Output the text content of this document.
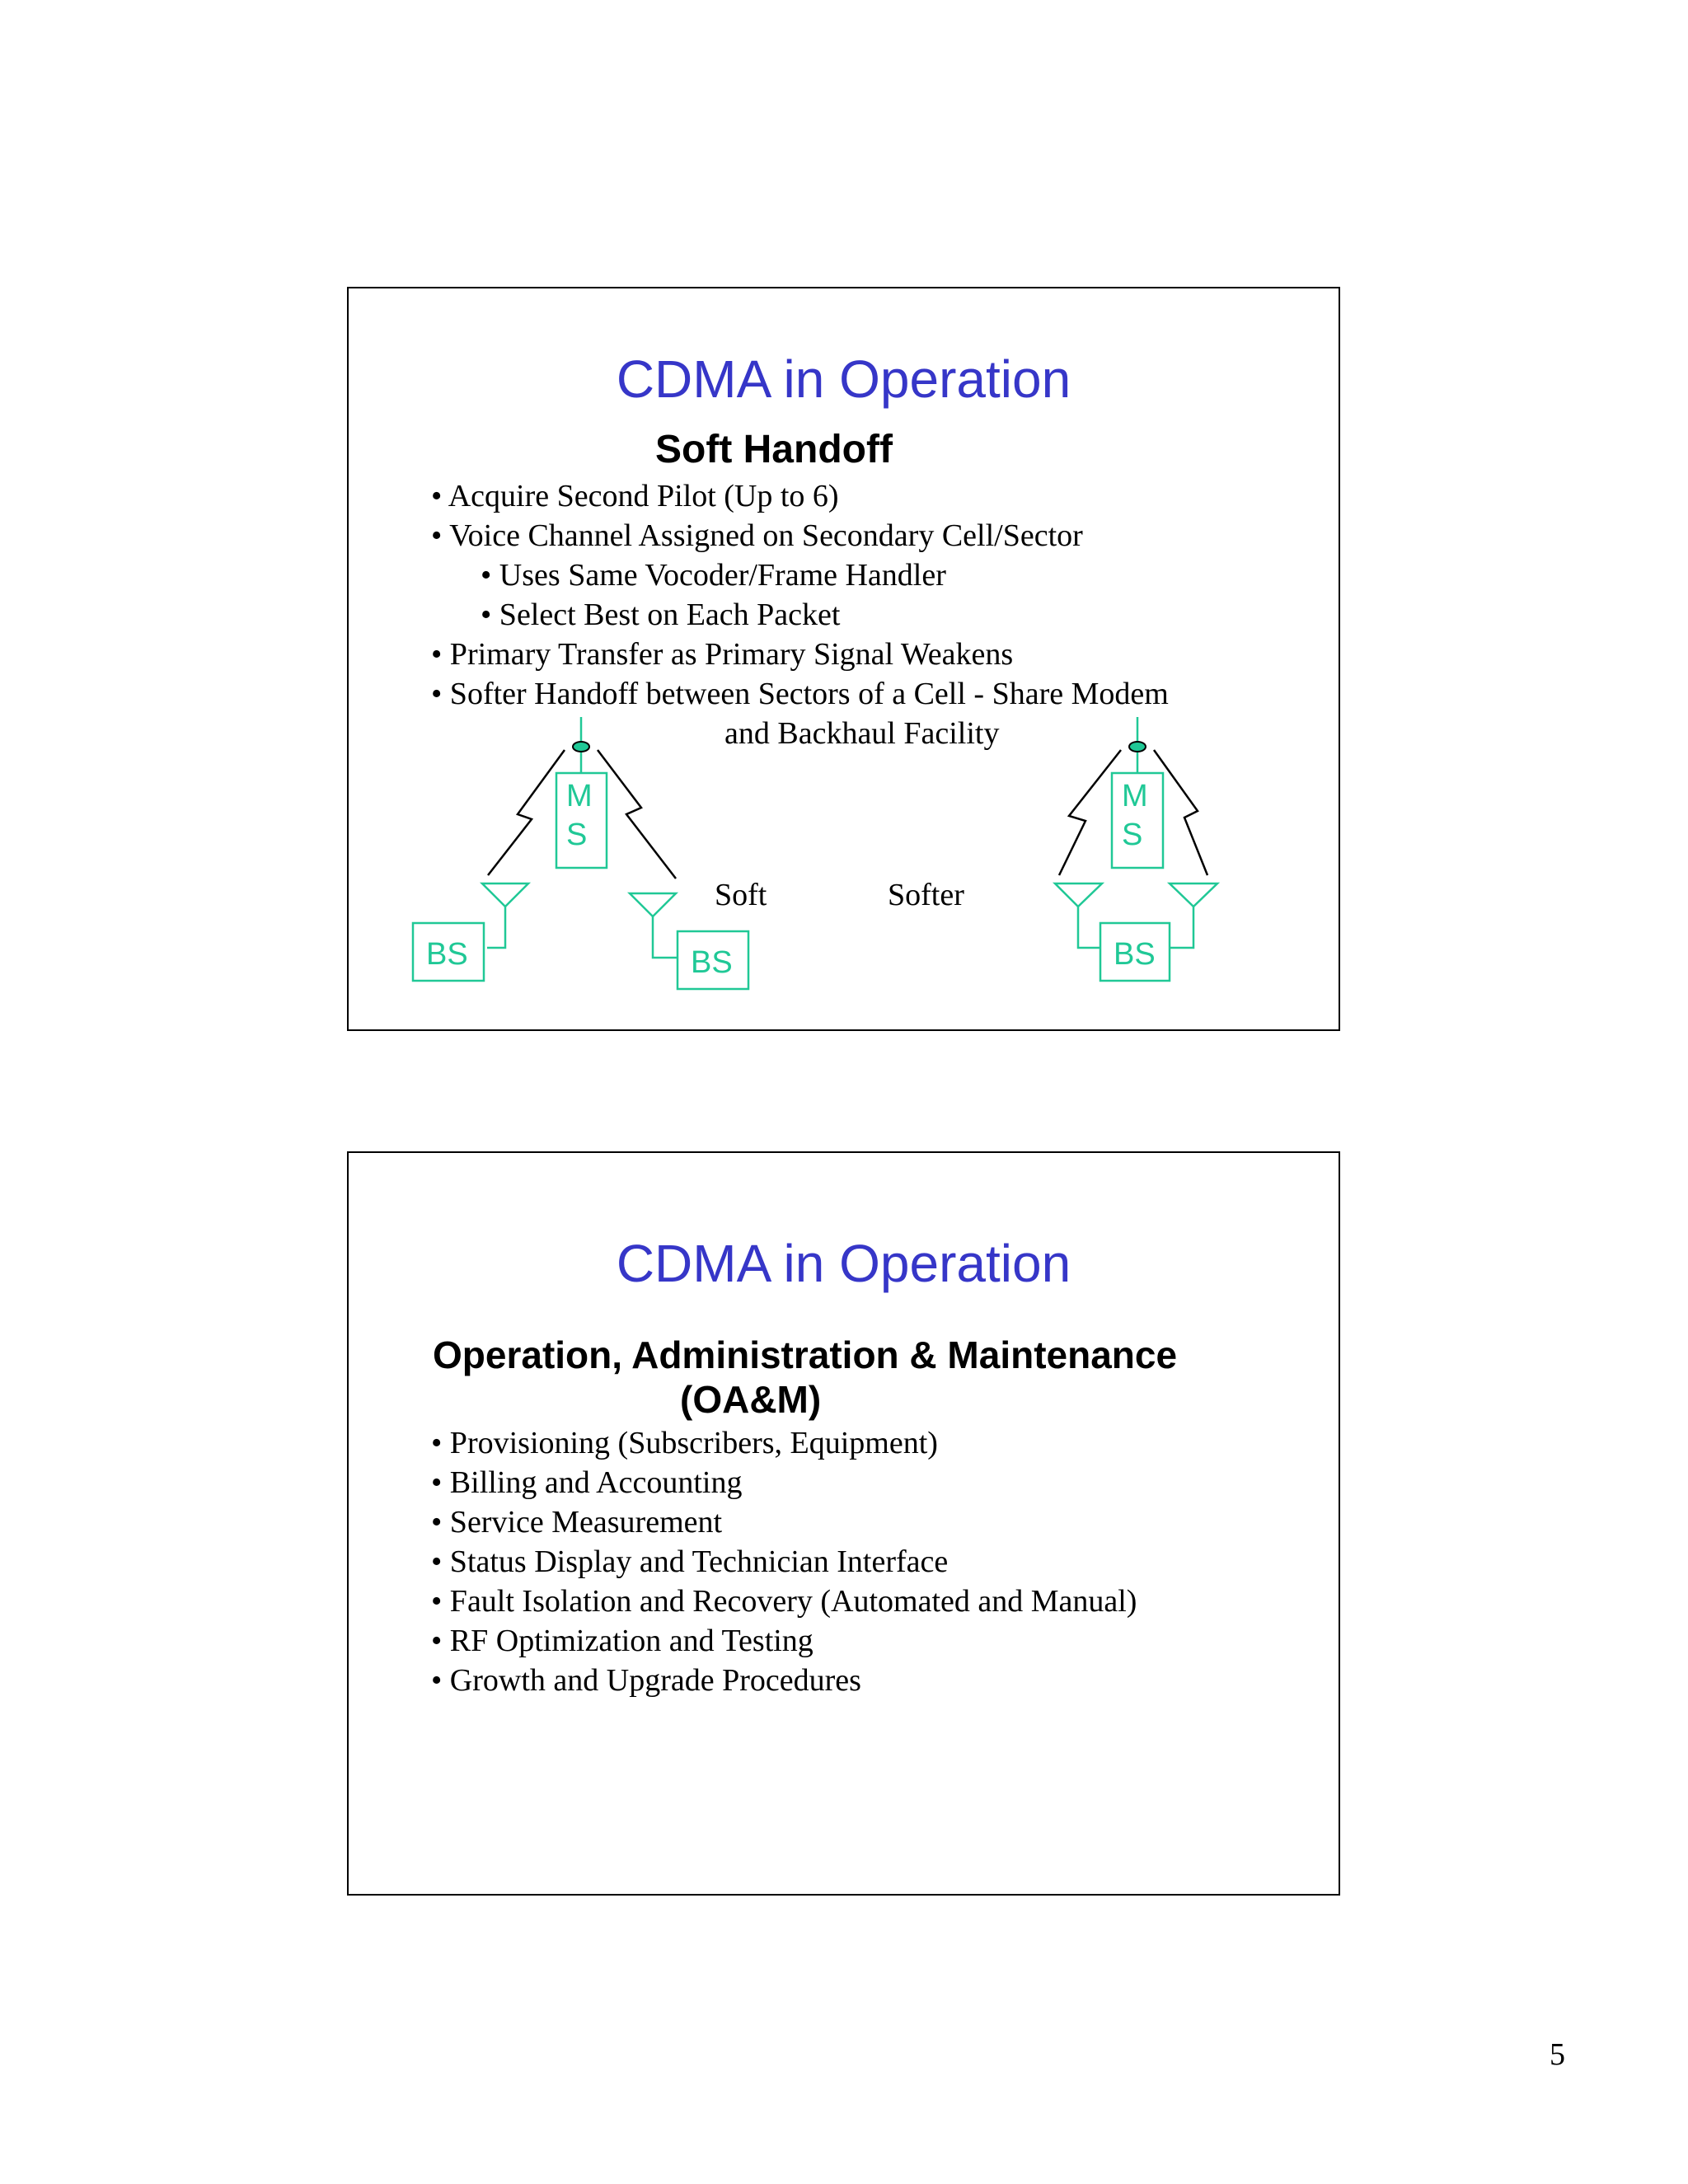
CDMA in Operation
Soft Handoff
• Acquire Second Pilot (Up to 6)
• Voice Channel Assigned on Secondary Cell/Sector
• Uses Same Vocoder/Frame Handler
• Select Best on Each Packet
• Primary Transfer as Primary Signal Weakens
• Softer Handoff between Sectors of a Cell - Share Modem
and Backhaul Facility
M
S
M
S
BS	BS	BS
Soft	Softer
CDMA in Operation
Operation, Administration & Maintenance
(OA&M)
• Provisioning (Subscribers, Equipment)
• Billing and Accounting
• Service Measurement
• Status Display and Technician Interface
• Fault Isolation and Recovery (Automated and Manual)
• RF Optimization and Testing
• Growth and Upgrade Procedures
5
